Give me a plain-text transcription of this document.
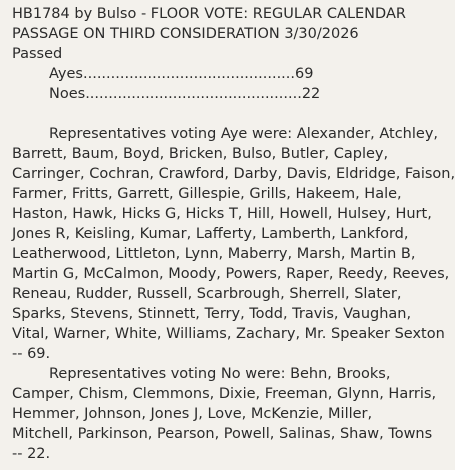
HB1784 by Bulso - FLOOR VOTE: REGULAR CALENDAR
PASSAGE ON THIRD CONSIDERATION 3/30/2026
Passed
Ayes..............................................69
Noes...............................................22
Representatives voting Aye were: Alexander, Atchley,
Barrett, Baum, Boyd, Bricken, Bulso, Butler, Capley,
Carringer, Cochran, Crawford, Darby, Davis, Eldridge, Faison,
Farmer, Fritts, Garrett, Gillespie, Grills, Hakeem, Hale,
Haston, Hawk, Hicks G, Hicks T, Hill, Howell, Hulsey, Hurt,
Jones R, Keisling, Kumar, Lafferty, Lamberth, Lankford,
Leatherwood, Littleton, Lynn, Maberry, Marsh, Martin B,
Martin G, McCalmon, Moody, Powers, Raper, Reedy, Reeves,
Reneau, Rudder, Russell, Scarbrough, Sherrell, Slater,
Sparks, Stevens, Stinnett, Terry, Todd, Travis, Vaughan,
Vital, Warner, White, Williams, Zachary, Mr. Speaker Sexton
-- 69.
Representatives voting No were: Behn, Brooks,
Camper, Chism, Clemmons, Dixie, Freeman, Glynn, Harris,
Hemmer, Johnson, Jones J, Love, McKenzie, Miller,
Mitchell, Parkinson, Pearson, Powell, Salinas, Shaw, Towns
-- 22.
